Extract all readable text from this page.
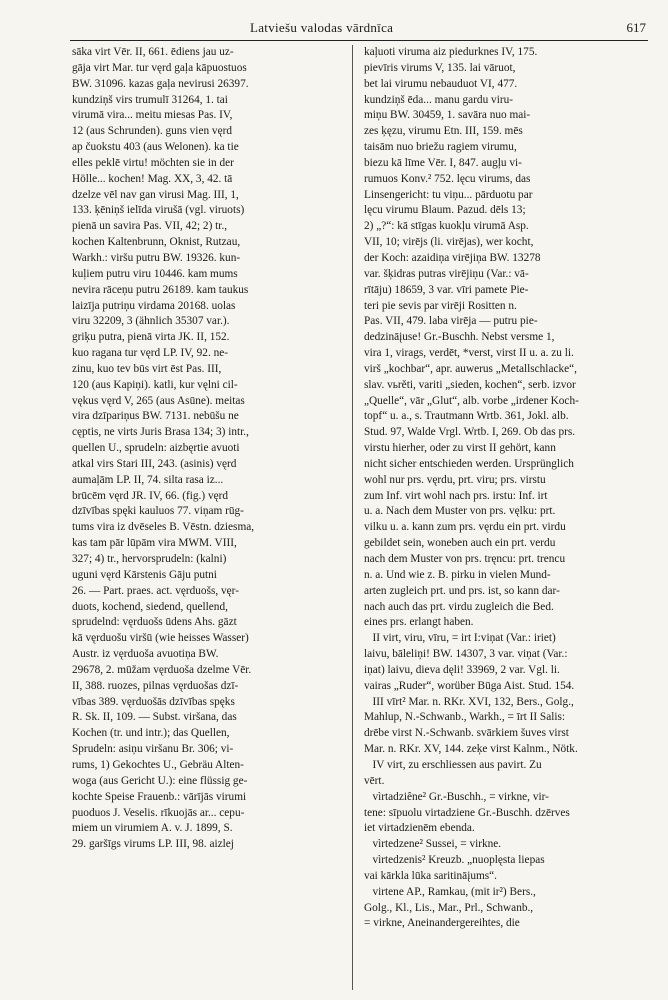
Latviešu valodas vārdnīca	617
sāka virt Vēr. II, 661. ēdiens jau uz-
gāja virt Mar. tur vęrd gaļa kāpuostuos
BW. 31096. kazas gaļa nevirusi 26397.
kundziņš virs trumulī 31264, 1. tai
virumā vira... meitu miesas Pas. IV,
12 (aus Schrunden). guns vien vęrd
ap čuokstu 403 (aus Welonen). ka tie
elles peklē virtu! möchten sie in der
Hölle... kochen! Mag. XX, 3, 42. tā
dzelze vēl nav gan virusi Mag. III, 1,
133. ķēniņš ielīda virušā (vgl. viruots)
pienā un savira Pas. VII, 42; 2) tr.,
kochen Kaltenbrunn, Oknist, Rutzau,
Warkh.: viršu putru BW. 19326. kun-
kuļiem putru viru 10446. kam mums
nevira rāceņu putru 26189. kam taukus
laizīja putriņu virdama 20168. uolas
viru 32209, 3 (ähnlich 35307 var.).
griķu putra, pienā virta JK. II, 152.
kuo ragana tur vęrd LP. IV, 92. ne-
zinu, kuo tev būs virt ēst Pas. III,
120 (aus Kapiņi). katli, kur vęlni cil-
vękus vęrd V, 265 (aus Asūne). meitas
vira dzīpariņus BW. 7131. nebūšu ne
cęptis, ne virts Juris Brasa 134; 3) intr.,
quellen U., sprudeln: aizbęrtie avuoti
atkal virs Stari III, 243. (asinis) vęrd
aumaļām LP. II, 74. silta rasa iz...
brūcēm vęrd JR. IV, 66. (fig.) vęrd
dzīvības spęki kauluos 77. viņam rūg-
tums vira iz dvēseles B. Vēstn. dziesma,
kas tam pār lūpām vira MWM. VIII,
327; 4) tr., hervorsprudeln: (kalni)
uguni vęrd Kārstenis Gāju putni
26. — Part. praes. act. vęrduošs, vęr-
duots, kochend, siedend, quellend,
sprudelnd: vęrduošs ūdens Ahs. gāzt
kā vęrduošu viršū (wie heisses Wasser)
Austr. iz vęrduoša avuotiņa BW.
29678, 2. mūžam vęrduoša dzelme Vēr.
II, 388. ruozes, pilnas vęrduošas dzī-
vības 389. vęrduošās dzīvības spęks
R. Sk. II, 109. — Subst. viršana, das
Kochen (tr. und intr.); das Quellen,
Sprudeln: asiņu viršanu Br. 306; vi-
rums, 1) Gekochtes U., Gebräu Alten-
woga (aus Gericht U.): eine flüssig ge-
kochte Speise Frauenb.: vārījās virumi
puoduos J. Veselis. rīkuojās ar... cepu-
miem un virumiem A. v. J. 1899, S.
29. garšīgs virums LP. III, 98. aizlej
kaļuoti viruma aiz piedurknes IV, 175.
pievīris virums V, 135. lai vāruot,
bet lai virumu nebauduot VI, 477.
kundziņš ēda... manu gardu viru-
miņu BW. 30459, 1. savāra nuo mai-
zes ķęzu, virumu Etn. III, 159. mēs
taisām nuo briežu ragiem virumu,
biezu kā līme Vēr. I, 847. augļu vi-
rumuos Konv.² 752. lęcu virums, das
Linsengericht: tu viņu... pārduotu par
lęcu virumu Blaum. Pazud. dēls 13;
2) „?“: kā stīgas kuokļu virumā Asp.
VII, 10; virējs (li. virējas), wer kocht,
der Koch: azaidiņa virējiņa BW. 13278
var. šķidras putras virējiņu (Var.: vā-
rītāju) 18659, 3 var. vīri pamete Pie-
teri pie sevis par virēji Rositten n.
Pas. VII, 479. laba virēja — putru pie-
dedzināįuse! Gr.-Buschh. Nebst versme 1,
vira 1, virags, verdēt, *verst, virst II u. a. zu li.
virš „kochbar“, apr. auwerus „Metallschlacke“,
slav. vьrěti, variti „sieden, kochen“, serb. izvor
„Quelle“, vār „Glut“, alb. vorbe „irdener Koch-
topf“ u. a., s. Trautmann Wrtb. 361, Jokl. alb.
Stud. 97, Walde Vrgl. Wrtb. I, 269. Ob das prs.
virstu hierher, oder zu virst II gehört, kann
nicht sicher entschieden werden. Ursprünglich
wohl nur prs. vęrdu, prt. viru; prs. virstu
zum Inf. virt wohl nach prs. irstu: Inf. irt
u. a. Nach dem Muster von prs. vęlku: prt.
vilku u. a. kann zum prs. vęrdu ein prt. virdu
gebildet sein, woneben auch ein prt. verdu
nach dem Muster von prs. tręncu: prt. trencu
n. a. Und wie z. B. pirku in vielen Mund-
arten zugleich prt. und prs. ist, so kann dar-
nach auch das prt. virdu zugleich die Bed.
eines prs. erlangt haben.
II virt, viru, vīru, = irt I:viņat (Var.: iriet)
laivu, bāleliņi! BW. 14307, 3 var. viņat (Var.:
iņat) laivu, dieva dęli! 33969, 2 var. Vgl. li.
vairas „Ruder“, worüber Būga Aist. Stud. 154.
III vīrt² Mar. n. RKr. XVI, 132, Bers., Golg.,
Mahlup, N.-Schwanb., Warkh., = īrt II Salis:
drēbe virst N.-Schwanb. svārkiem šuves virst
Mar. n. RKr. XV, 144. zeķe virst Kalnm., Nötk.
IV virt, zu erschliessen aus pavirt. Zu
vērt.
vìrtadziêne² Gr.-Buschh., = virkne, vir-
tene: sīpuolu virtadziene Gr.-Buschh. dzērves
iet virtadzienēm ebenda.
vìrtedzene² Sussei, = virkne.
vìrtedzenis² Kreuzb. „nuoplęsta liepas
vai kārkla lūka saritināįums“.
virtene AP., Ramkau, (mit ir²) Bers.,
Golg., Kl., Lis., Mar., Prl., Schwanb.,
= virkne, Aneinandergereihtes, die
